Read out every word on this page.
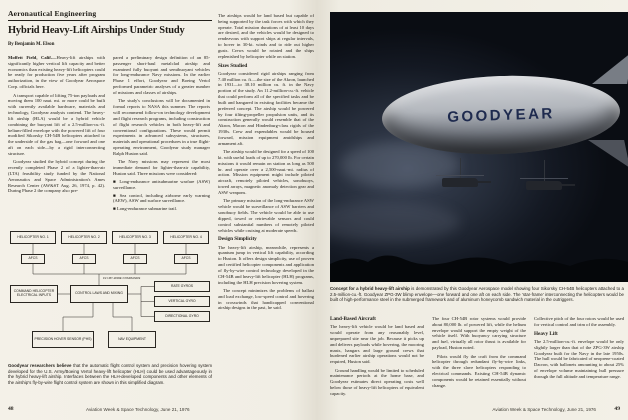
Aeronautical Engineering
Hybrid Heavy-Lift Airships Under Study
By Benjamin M. Elson

Moffett Field, Calif.—Heavy-lift airships with significantly higher vertical lift capacity and better economics than existing heavy-lift helicopters could be ready for production five years after program authorization, in the view of Goodyear Aerospace Corp. officials here.

A transport capable of lifting 75-ton payloads and moving them 100 naut. mi. or more could be built with currently available hardware, materials and technology, Goodyear analysts contend. The heavy-lift airship (HLA) would be a hybrid vehicle combining the buoyant lift of a 2.5-million-cu.-ft. helium-filled envelope with the powered lift of four modified Sikorsky CH-54B helicopters attached to the underside of the gas bag—one forward and one aft on each side—by a rigid interconnecting structure.

Goodyear studied the hybrid concept during the recently completed Phase 2 of a lighter-than-air (LTA) feasibility study funded by the National Aeronautics and Space Administration's Ames Research Center (AW&ST Aug. 26, 1974, p. 42). During Phase 2 the company also pre-

pared a preliminary design definition of an 85-passenger short-haul metalclad airship and examined fully buoyant and semibuoyant vehicles for long-endurance Navy missions. In the earlier Phase 1 effort, Goodyear and Boeing Vertol performed parametric analyses of a greater number of missions and classes of airships.

The study's conclusions will be documented in formal reports to NASA this summer. The reports will recommend follow-on technology development and flight research programs, including construction of flight research vehicles in both heavy-lift and conventional configurations. These would permit experiments in advanced subsystems, structures, materials and operational procedures in a true flight-operating environment, Goodyear study manager Ralph Huston said.

The Navy missions may represent the most immediate demand for lighter-than-air capability, Huston said. Three missions were considered:

■ Long-endurance antisubmarine warfare (ASW) surveillance.

■ Sea control, including airborne early warning (AEW), ASW and surface surveillance.

■ Long-endurance submarine trail.

The airships would be land based but capable of being supported by the task forces with which they operate. Total mission durations of at least 10 days are desired, and the vehicles would be designed to rendezvous with support ships at regular intervals, to hover in 30-kt. winds and to ride out higher gusts. Crews would be rotated and the ships replenished by helicopter while on station.

Sizes Studied

Goodyear considered rigid airships ranging from 7.40 million cu. ft.—the size of the Akron, launched in 1931—to 38.10 million cu. ft. in the Navy portion of the study. An 11.2-million-cu.-ft. vehicle that could perform all of the specified tasks and be built and hangared in existing facilities became the preferred concept. The airship would be powered by four tilting-propeller propulsion units, and its construction generally would resemble that of the Akron, Macon and Hindenburg-class rigids of the 1930s. Crew and expendables would be housed forward, mission equipment amidships and armament aft.

The airship would be designed for a speed of 100 kt. with useful loads of up to 270,000 lb. For certain missions it would remain on station as long as 500 hr. and operate over a 2,500-naut.-mi. radius of action. Mission equipment might include piloted aircraft, remotely piloted vehicles, sonobuoys, towed arrays, magnetic anomaly detection gear and ASW weapons.

The primary mission of the long-endurance ASW vehicle would be surveillance of ASW barriers and sonobuoy fields. The vehicle would be able to use dipped, towed or retrievable sensors and could control substantial numbers of remotely piloted vehicles while cruising at moderate speeds.

Design Simplicity

The heavy-lift airship, meanwhile, represents a quantum jump in vertical lift capability, according to Huston. It offers design simplicity, use of proven and certified helicopter components and application of fly-by-wire control technology developed in the CH-54B and heavy-lift helicopter (HLH) programs, including the HLH precision hovering system.

The concept minimizes the problems of ballast and load exchange, low-speed control and hovering in crosswinds that handicapped conventional airship designs in the past, he said.

HELICOPTER NO. 1	HELICOPTER NO. 2	HELICOPTER NO. 3	HELICOPTER NO. 4
AFCS	AFCS	AFCS	AFCS
FLY-BY-WIRE COMMANDS
COMMAND HELICOPTER ELECTRICAL INPUTS	CONTROL LAWS AND MIXING
RATE GYROS
VERTICAL GYRO
DIRECTIONAL GYRO
PRECISION HOVER SENSOR (PHS)	NAV EQUIPMENT
Goodyear researchers believe that the automatic flight control system and precision hovering system developed for the U.S. Army/Boeing Vertol heavy-lift helicopter (HLH) could be used advantageously in the hybrid heavy-lift airship. Interfaces between the HLH-developed components and other elements of the airship's fly-by-wire flight control system are shown in this simplified diagram.
GOODYEAR
Concept for a hybrid heavy-lift airship is demonstrated by this Goodyear Aerospace model showing four Sikorsky CH-54B helicopters attached to a 2.5-million-cu.-ft. Goodyear ZPG-3W blimp envelope—one forward and one aft on each side. The 'star-frame' interconnecting the helicopters would be built of high-performance steel in the submerged framework and of aluminum honeycomb sandwich material in the outriggers.
Land-Based Aircraft

The heavy-lift vehicle would be land based and would operate from any reasonably level, unprepared site near the job. Because it picks up and delivers payloads while hovering, the mooring masts, hangars and large ground crews that burdened earlier airship operations would not be required, Huston said.

Ground handling would be limited to scheduled maintenance periods at the home base, and Goodyear estimates direct operating costs well below those of heavy-lift helicopters of equivalent capacity.

The four CH-54B rotor systems would provide about 80,000 lb. of powered lift, while the helium envelope would support the empty weight of the vehicle itself. With buoyancy carrying structure and fuel, virtually all rotor thrust is available for payload, Huston noted.

Pilots would fly the craft from the command helicopter through redundant fly-by-wire links, with the three slave helicopters responding to electrical commands. Existing CH-54B dynamic components would be retained essentially without change.

Collective pitch of the four rotors would be used for vertical control and trim of the assembly.

Heavy Lift

The 2.5-million-cu.-ft. envelope would be only slightly larger than that of the ZPG-3W airship Goodyear built for the Navy in the late 1950s. The hull would be fabricated of neoprene-coated Dacron, with ballonets amounting to about 25% of envelope volume maintaining hull pressure through the full altitude and temperature range.

48	Aviation Week & Space Technology, June 21, 1976	Aviation Week & Space Technology, June 21, 1976	49
